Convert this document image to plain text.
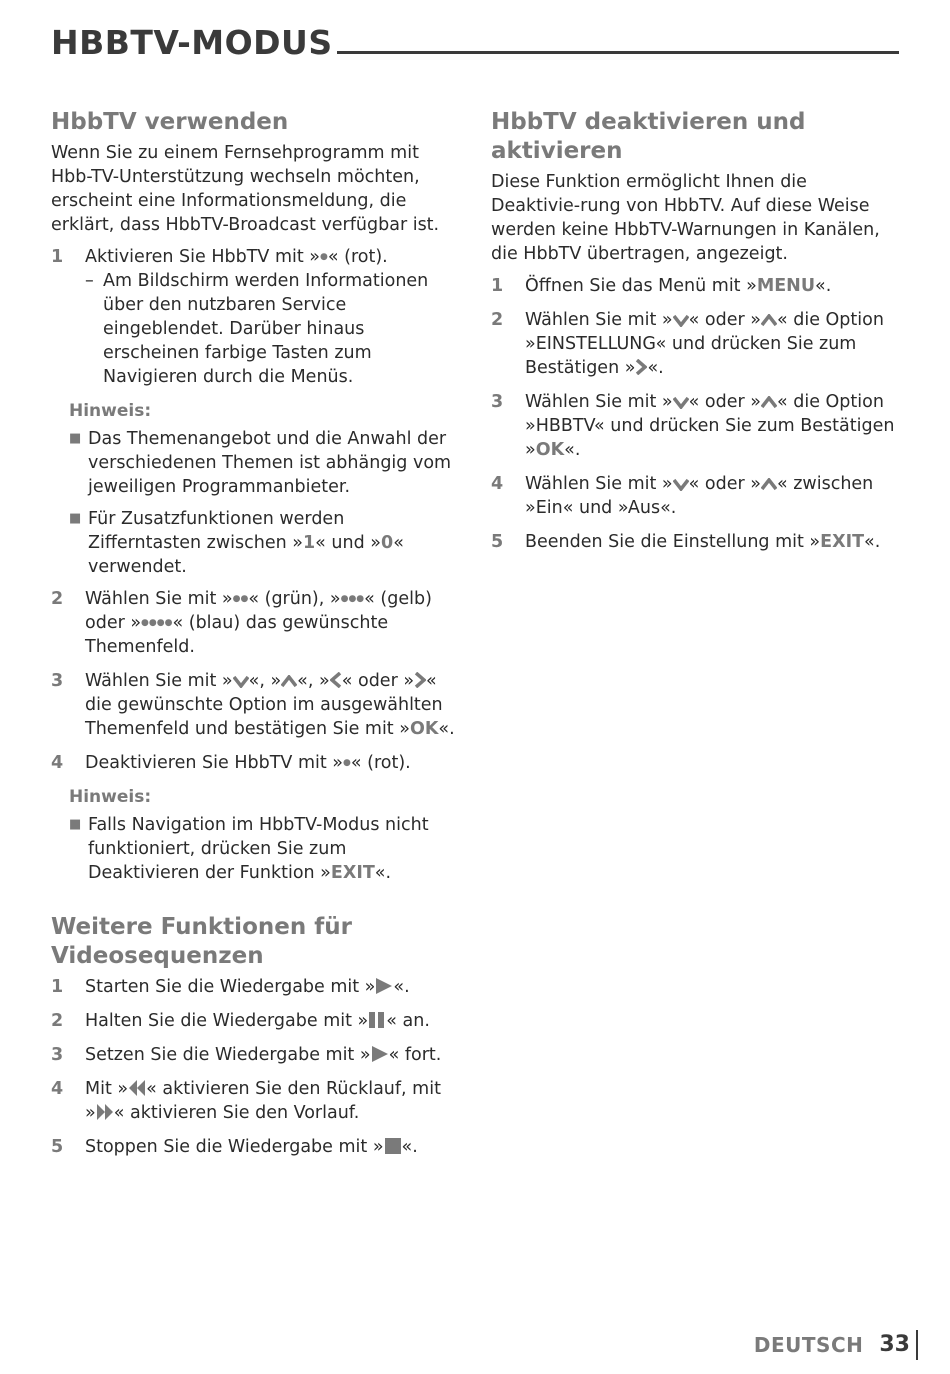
HBBTV-MODUS
HbbTV verwenden

Wenn Sie zu einem Fernsehprogramm mit Hbb-TV-Unterstützung wechseln möchten, erscheint eine Informationsmeldung, die erklärt, dass HbbTV-Broadcast verfügbar ist.

1	Aktivieren Sie HbbTV mit »●« (rot).
– Am Bildschirm werden Informationen über den nutzbaren Service eingeblendet. Darüber hinaus erscheinen farbige Tasten zum Navigieren durch die Menüs.
Hinweis:
■ Das Themenangebot und die Anwahl der verschiedenen Themen ist abhängig vom jeweiligen Programmanbieter.
■ Für Zusatzfunktionen werden Zifferntasten zwischen »1« und »0« verwendet.
2	Wählen Sie mit »●●« (grün), »●●●« (gelb) oder »●●●●« (blau) das gewünschte Themenfeld.
3	Wählen Sie mit » «, » «, » « oder » « die gewünschte Option im ausgewählten Themenfeld und bestätigen Sie mit »OK«.
4	Deaktivieren Sie HbbTV mit »●« (rot).
Hinweis:
■ Falls Navigation im HbbTV-Modus nicht funktioniert, drücken Sie zum Deaktivieren der Funktion »EXIT«.
Weitere Funktionen für Videosequenzen
1	Starten Sie die Wiedergabe mit » «.
2	Halten Sie die Wiedergabe mit » « an.
3	Setzen Sie die Wiedergabe mit » « fort.
4	Mit » « aktivieren Sie den Rücklauf, mit » « aktivieren Sie den Vorlauf.
5	Stoppen Sie die Wiedergabe mit » «.
HbbTV deaktivieren und aktivieren

Diese Funktion ermöglicht Ihnen die Deaktivie-rung von HbbTV. Auf diese Weise werden keine HbbTV-Warnungen in Kanälen, die HbbTV übertragen, angezeigt.

1	Öffnen Sie das Menü mit »MENU«.
2	Wählen Sie mit » « oder » « die Option »EINSTELLUNG« und drücken Sie zum Bestätigen » «.
3	Wählen Sie mit » « oder » « die Option »HBBTV« und drücken Sie zum Bestätigen »OK«.
4	Wählen Sie mit » « oder » « zwischen »Ein« und »Aus«.
5	Beenden Sie die Einstellung mit »EXIT«.
DEUTSCH 33
